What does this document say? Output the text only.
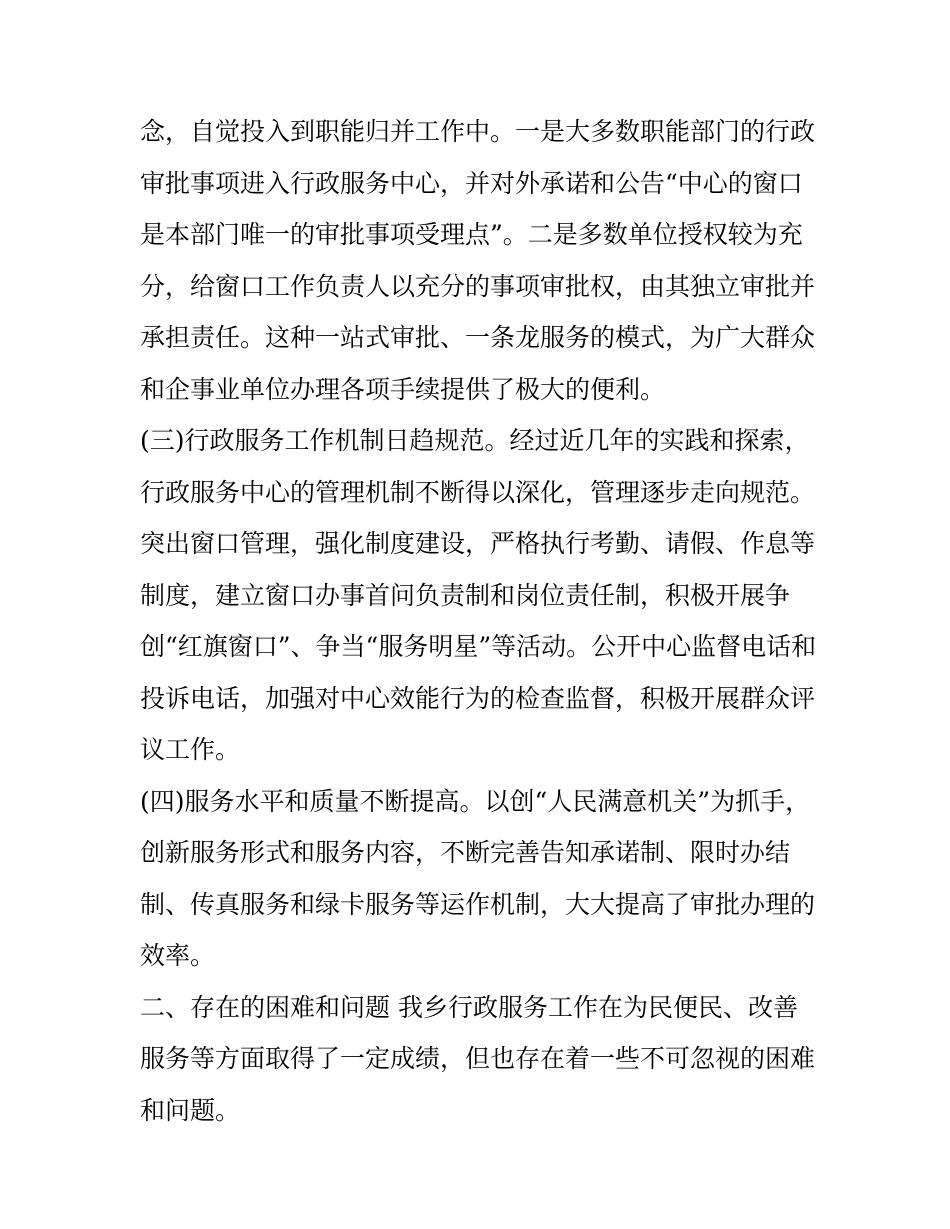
念，自觉投入到职能归并工作中。一是大多数职能部门的行政
审批事项进入行政服务中心，并对外承诺和公告“中心的窗口
是本部门唯一的审批事项受理点”。二是多数单位授权较为充
分，给窗口工作负责人以充分的事项审批权，由其独立审批并
承担责任。这种一站式审批、一条龙服务的模式，为广大群众
和企事业单位办理各项手续提供了极大的便利。
(三)行政服务工作机制日趋规范。经过近几年的实践和探索，
行政服务中心的管理机制不断得以深化，管理逐步走向规范。
突出窗口管理，强化制度建设，严格执行考勤、请假、作息等
制度，建立窗口办事首问负责制和岗位责任制，积极开展争
创“红旗窗口”、争当“服务明星”等活动。公开中心监督电话和
投诉电话，加强对中心效能行为的检查监督，积极开展群众评
议工作。
(四)服务水平和质量不断提高。以创“人民满意机关”为抓手，
创新服务形式和服务内容，不断完善告知承诺制、限时办结
制、传真服务和绿卡服务等运作机制，大大提高了审批办理的
效率。
二、存在的困难和问题 我乡行政服务工作在为民便民、改善
服务等方面取得了一定成绩，但也存在着一些不可忽视的困难
和问题。
